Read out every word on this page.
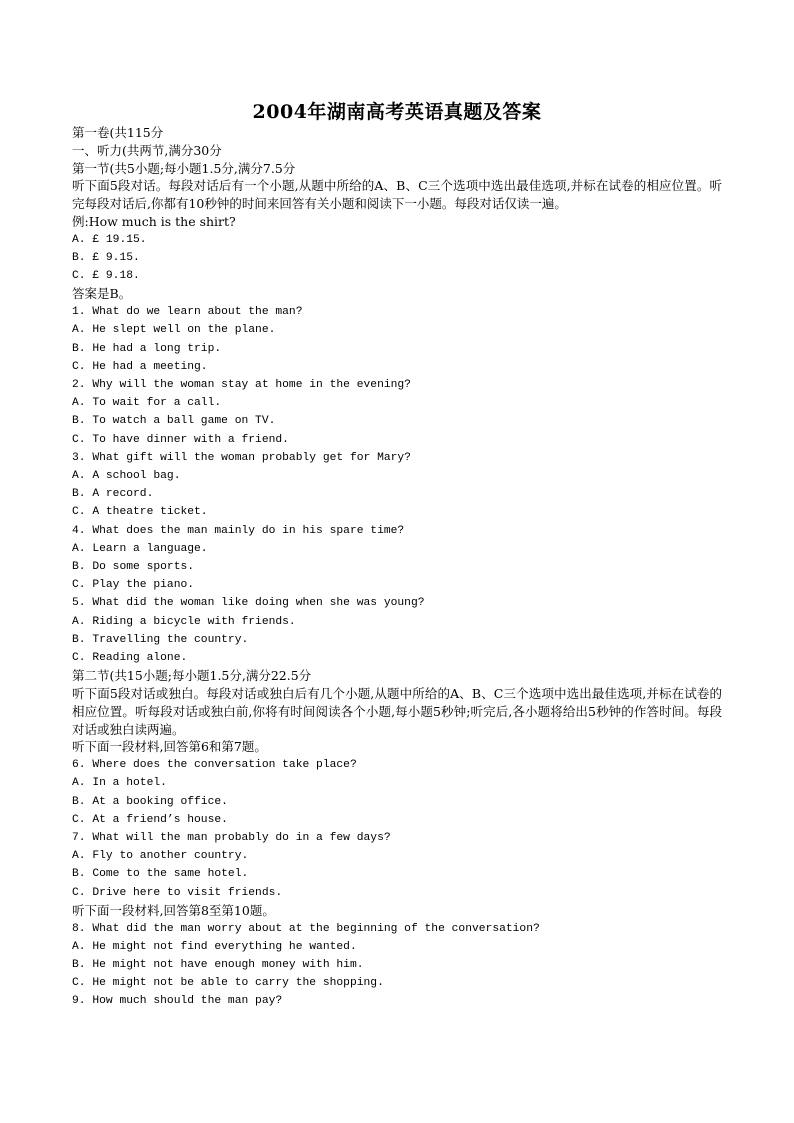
2004年湖南高考英语真题及答案

第一卷(共115分

一、听力(共两节,满分30分

第一节(共5小题;每小题1.5分,满分7.5分

听下面5段对话。每段对话后有一个小题,从题中所给的A、B、C三个选项中选出最佳选项,并标在试卷的相应位置。听完每段对话后,你都有10秒钟的时间来回答有关小题和阅读下一小题。每段对话仅读一遍。

例:How much is the shirt?

A. £ 19.15.

B. £ 9.15.

C. £ 9.18.

答案是B。

1. What do we learn about the man?

A. He slept well on the plane.

B. He had a long trip.

C. He had a meeting.

2. Why will the woman stay at home in the evening?

A. To wait for a call.

B. To watch a ball game on TV.

C. To have dinner with a friend.

3. What gift will the woman probably get for Mary?

A. A school bag.

B. A record.

C. A theatre ticket.

4. What does the man mainly do in his spare time?

A. Learn a language.

B. Do some sports.

C. Play the piano.

5. What did the woman like doing when she was young?

A. Riding a bicycle with friends.

B. Travelling the country.

C. Reading alone.

第二节(共15小题;每小题1.5分,满分22.5分

听下面5段对话或独白。每段对话或独白后有几个小题,从题中所给的A、B、C三个选项中选出最佳选项,并标在试卷的相应位置。听每段对话或独白前,你将有时间阅读各个小题,每小题5秒钟;听完后,各小题将给出5秒钟的作答时间。每段对话或独白读两遍。

听下面一段材料,回答第6和第7题。

6. Where does the conversation take place?

A. In a hotel.

B. At a booking office.

C. At a friend’s house.

7. What will the man probably do in a few days?

A. Fly to another country.

B. Come to the same hotel.

C. Drive here to visit friends.

听下面一段材料,回答第8至第10题。

8. What did the man worry about at the beginning of the conversation?

A. He might not find everything he wanted.

B. He might not have enough money with him.

C. He might not be able to carry the shopping.

9. How much should the man pay?
